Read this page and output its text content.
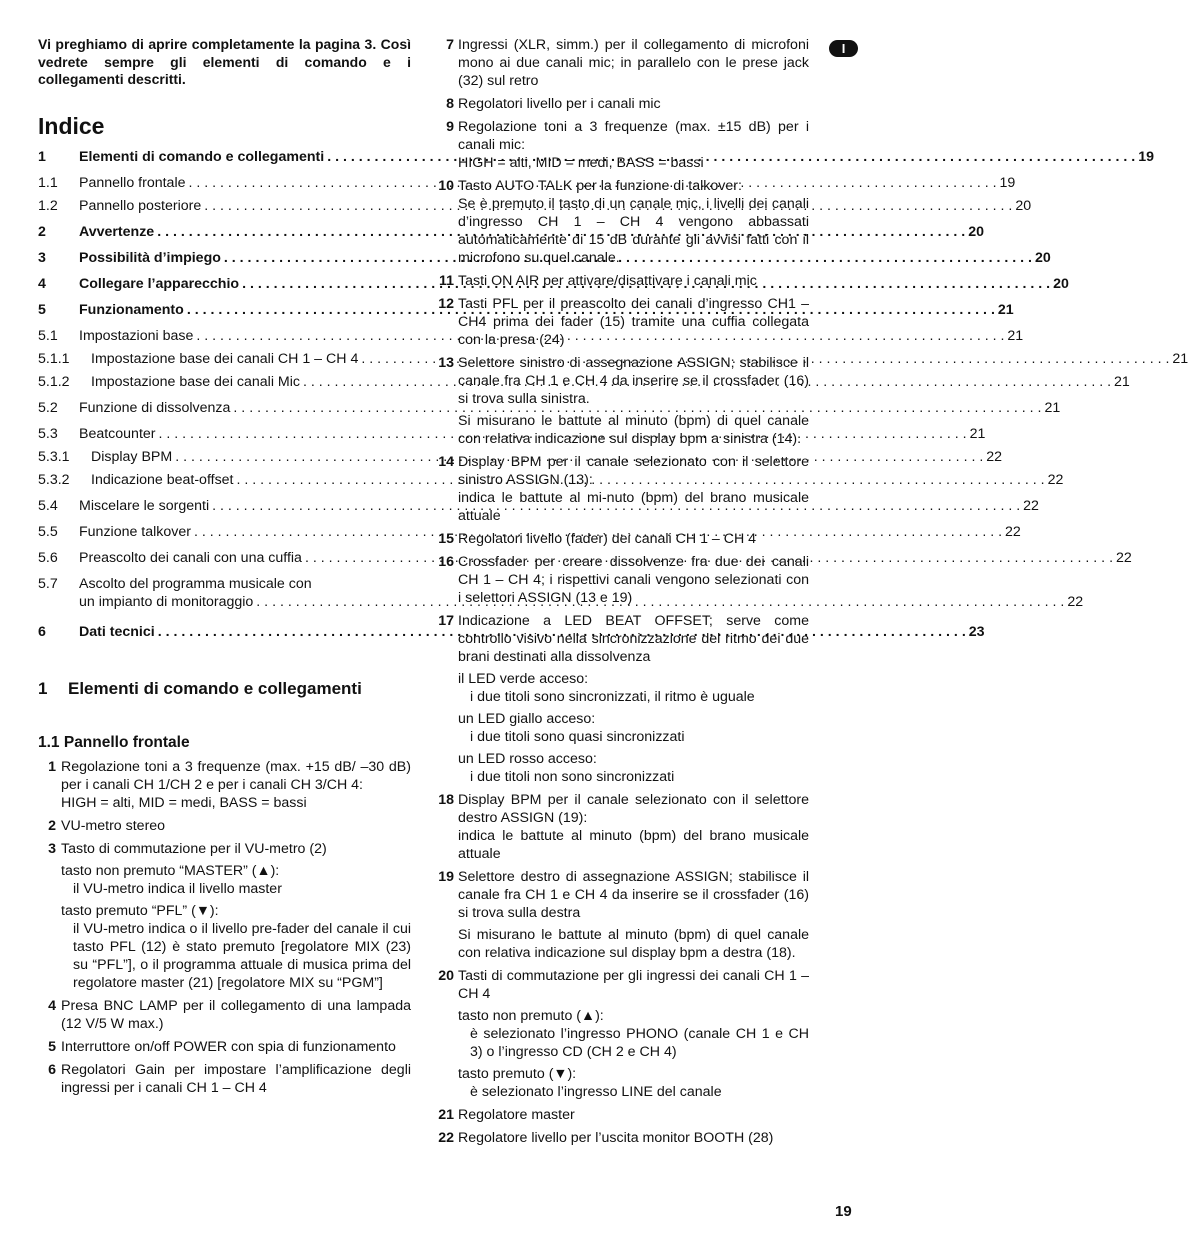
I

Vi preghiamo di aprire completamente la pagina 3. Così vedrete sempre gli elementi di comando e i collegamenti descritti.

Indice
1	Elementi di comando e collegamenti . . .	19
1.1	Pannello frontale . . .	19
1.2	Pannello posteriore . . .	20
2	Avvertenze . . .	20
3	Possibilità d’impiego . . .	20
4	Collegare l’apparecchio . . .	20
5	Funzionamento . . .	21
5.1	Impostazioni base . . .	21
5.1.1	Impostazione base dei canali CH 1 – CH 4 . . .	21
5.1.2	Impostazione base dei canali Mic . . .	21
5.2	Funzione di dissolvenza . . .	21
5.3	Beatcounter . . .	21
5.3.1	Display BPM . . .	22
5.3.2	Indicazione beat-offset . . .	22
5.4	Miscelare le sorgenti . . .	22
5.5	Funzione talkover . . .	22
5.6	Preascolto dei canali con una cuffia . . .	22
5.7	Ascolto del programma musicale con
un impianto di monitoraggio . . .	22
6	Dati tecnici . . .	23
1	Elementi di comando e collegamenti
1.1 Pannello frontale
1 Regolazione toni a 3 frequenze (max. +15 dB/ –30 dB) per i canali CH 1/CH 2 e per i canali CH 3/CH 4:
HIGH = alti, MID = medi, BASS = bassi
2 VU-metro stereo
3 Tasto di commutazione per il VU-metro (2)
tasto non premuto “MASTER” (▲):
il VU-metro indica il livello master
tasto premuto “PFL” (▼):
il VU-metro indica o il livello pre-fader del canale il cui tasto PFL (12) è stato premuto [regolatore MIX (23) su “PFL”], o il programma attuale di musica prima del regolatore master (21) [regolatore MIX su “PGM”]
4 Presa BNC LAMP per il collegamento di una lampada (12 V/5 W max.)
5 Interruttore on/off POWER con spia di funzionamento
6 Regolatori Gain per impostare l’amplificazione degli ingressi per i canali CH 1 – CH 4
7 Ingressi (XLR, simm.) per il collegamento di microfoni mono ai due canali mic; in parallelo con le prese jack (32) sul retro
8 Regolatori livello per i canali mic
9 Regolazione toni a 3 frequenze (max. ±15 dB) per i canali mic:
HIGH = alti, MID = medi, BASS = bassi
10 Tasto AUTO TALK per la funzione di talkover:
Se è premuto il tasto di un canale mic, i livelli dei canali d’ingresso CH 1 – CH 4 vengono abbassati automaticamente di 15 dB durante gli avvisi fatti con il microfono su quel canale.
11 Tasti ON AIR per attivare/disattivare i canali mic
12 Tasti PFL per il preascolto dei canali d’ingresso CH1 – CH4 prima dei fader (15) tramite una cuffia collegata con la presa (24)
13 Selettore sinistro di assegnazione ASSIGN; stabilisce il canale fra CH 1 e CH 4 da inserire se il crossfader (16) si trova sulla sinistra.
Si misurano le battute al minuto (bpm) di quel canale con relativa indicazione sul display bpm a sinistra (14).
14 Display BPM per il canale selezionato con il selettore sinistro ASSIGN (13):
indica le battute al mi-nuto (bpm) del brano musicale attuale
15 Regolatori livello (fader) dei canali CH 1 – CH 4
16 Crossfader per creare dissolvenze fra due dei canali CH 1 – CH 4; i rispettivi canali vengono selezionati con i selettori ASSIGN (13 e 19)
17 Indicazione a LED BEAT OFFSET; serve come controllo visivo nella sincronizzazione del ritmo dei due brani destinati alla dissolvenza
il LED verde acceso:
i due titoli sono sincronizzati, il ritmo è uguale
un LED giallo acceso:
i due titoli sono quasi sincronizzati
un LED rosso acceso:
i due titoli non sono sincronizzati
18 Display BPM per il canale selezionato con il selettore destro ASSIGN (19):
indica le battute al minuto (bpm) del brano musicale attuale
19 Selettore destro di assegnazione ASSIGN; stabilisce il canale fra CH 1 e CH 4 da inserire se il crossfader (16) si trova sulla destra
Si misurano le battute al minuto (bpm) di quel canale con relativa indicazione sul display bpm a destra (18).
20 Tasti di commutazione per gli ingressi dei canali CH 1 – CH 4
tasto non premuto (▲):
è selezionato l’ingresso PHONO (canale CH 1 e CH 3) o l’ingresso CD (CH 2 e CH 4)
tasto premuto (▼):
è selezionato l’ingresso LINE del canale
21 Regolatore master
22 Regolatore livello per l’uscita monitor BOOTH (28)
19
